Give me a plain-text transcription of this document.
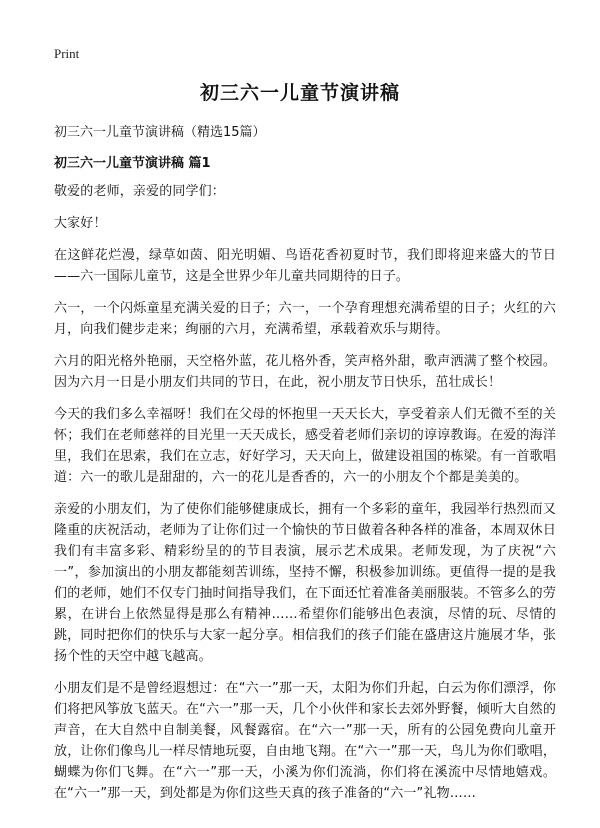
Print
初三六一儿童节演讲稿

初三六一儿童节演讲稿（精选15篇）

初三六一儿童节演讲稿 篇1

敬爱的老师，亲爱的同学们：

大家好！

在这鲜花烂漫，绿草如茵、阳光明媚、鸟语花香初夏时节，我们即将迎来盛大的节日——六一国际儿童节，这是全世界少年儿童共同期待的日子。

六一，一个闪烁童星充满关爱的日子；六一，一个孕育理想充满希望的日子；火红的六月，向我们健步走来；绚丽的六月，充满希望，承载着欢乐与期待。

六月的阳光格外艳丽，天空格外蓝，花儿格外香，笑声格外甜，歌声洒满了整个校园。因为六月一日是小朋友们共同的节日，在此，祝小朋友节日快乐，茁壮成长！

今天的我们多么幸福呀！我们在父母的怀抱里一天天长大，享受着亲人们无微不至的关怀；我们在老师慈祥的目光里一天天成长，感受着老师们亲切的谆谆教诲。在爱的海洋里，我们在思索，我们在立志，好好学习，天天向上，做建设祖国的栋梁。有一首歌唱道：六一的歌儿是甜甜的，六一的花儿是香香的，六一的小朋友个个都是美美的。

亲爱的小朋友们，为了使你们能够健康成长，拥有一个多彩的童年，我园举行热烈而又隆重的庆祝活动，老师为了让你们过一个愉快的节日做着各种各样的准备，本周双休日我们有丰富多彩、精彩纷呈的的节目表演，展示艺术成果。老师发现，为了庆祝“六一”，参加演出的小朋友都能刻苦训练，坚持不懈，积极参加训练。更值得一提的是我们的老师，她们不仅专门抽时间指导我们，在下面还忙着准备美丽服装。不管多么的劳累，在讲台上依然显得是那么有精神……希望你们能够出色表演，尽情的玩、尽情的跳，同时把你们的快乐与大家一起分享。相信我们的孩子们能在盛唐这片施展才华，张扬个性的天空中越飞越高。

小朋友们是不是曾经遐想过：在“六一”那一天，太阳为你们升起，白云为你们漂浮，你们将把风筝放飞蓝天。在“六一”那一天，几个小伙伴和家长去郊外野餐，倾听大自然的声音，在大自然中自制美餐，风餐露宿。在“六一”那一天，所有的公园免费向儿童开放，让你们像鸟儿一样尽情地玩耍，自由地飞翔。在“六一”那一天，鸟儿为你们歌唱，蝴蝶为你们飞舞。在“六一”那一天，小溪为你们流淌，你们将在溪流中尽情地嬉戏。在“六一”那一天，到处都是为你们这些天真的孩子准备的“六一”礼物……
